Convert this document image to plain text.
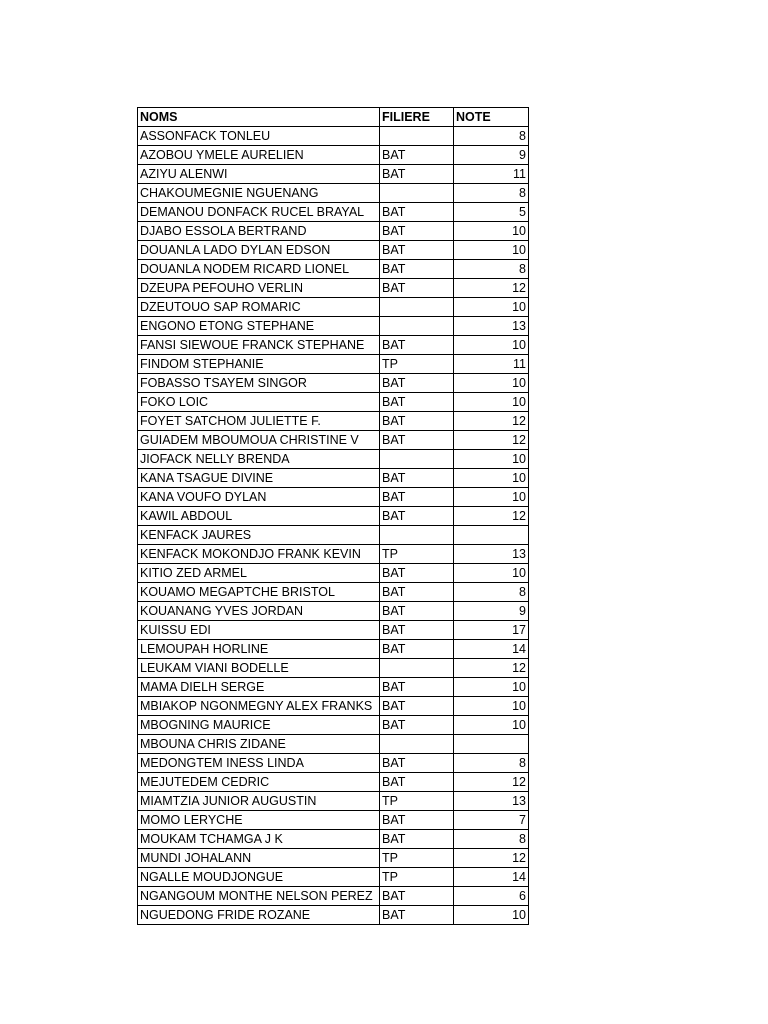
NOMS	FILIERE	NOTE
ASSONFACK TONLEU		8
AZOBOU YMELE AURELIEN	BAT	9
AZIYU ALENWI	BAT	11
CHAKOUMEGNIE NGUENANG		8
DEMANOU DONFACK RUCEL BRAYAL	BAT	5
DJABO ESSOLA BERTRAND	BAT	10
DOUANLA LADO DYLAN EDSON	BAT	10
DOUANLA NODEM RICARD LIONEL	BAT	8
DZEUPA PEFOUHO VERLIN	BAT	12
DZEUTOUO SAP ROMARIC		10
ENGONO ETONG STEPHANE		13
FANSI SIEWOUE FRANCK STEPHANE	BAT	10
FINDOM STEPHANIE	TP	11
FOBASSO TSAYEM SINGOR	BAT	10
FOKO LOIC	BAT	10
FOYET SATCHOM JULIETTE F.	BAT	12
GUIADEM MBOUMOUA CHRISTINE V	BAT	12
JIOFACK NELLY BRENDA		10
KANA TSAGUE DIVINE	BAT	10
KANA VOUFO DYLAN	BAT	10
KAWIL ABDOUL	BAT	12
KENFACK JAURES		
KENFACK MOKONDJO FRANK KEVIN	TP	13
KITIO ZED ARMEL	BAT	10
KOUAMO MEGAPTCHE BRISTOL	BAT	8
KOUANANG YVES JORDAN	BAT	9
KUISSU EDI	BAT	17
LEMOUPAH HORLINE	BAT	14
LEUKAM VIANI BODELLE		12
MAMA DIELH SERGE	BAT	10
MBIAKOP NGONMEGNY ALEX FRANKS	BAT	10
MBOGNING MAURICE	BAT	10
MBOUNA CHRIS ZIDANE		
MEDONGTEM INESS LINDA	BAT	8
MEJUTEDEM CEDRIC	BAT	12
MIAMTZIA JUNIOR AUGUSTIN	TP	13
MOMO LERYCHE	BAT	7
MOUKAM TCHAMGA J K	BAT	8
MUNDI JOHALANN	TP	12
NGALLE MOUDJONGUE	TP	14
NGANGOUM MONTHE NELSON PEREZ	BAT	6
NGUEDONG FRIDE ROZANE	BAT	10
